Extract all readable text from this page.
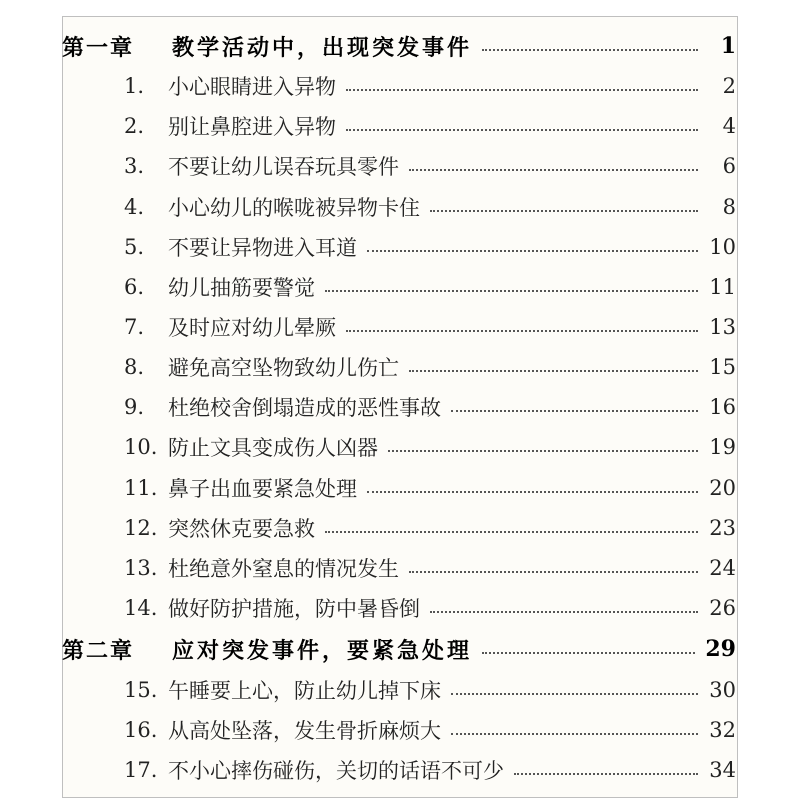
第一章	教学活动中，出现突发事件	1
1.	小心眼睛进入异物	2
2.	别让鼻腔进入异物	4
3.	不要让幼儿误吞玩具零件	6
4.	小心幼儿的喉咙被异物卡住	8
5.	不要让异物进入耳道	10
6.	幼儿抽筋要警觉	11
7.	及时应对幼儿晕厥	13
8.	避免高空坠物致幼儿伤亡	15
9.	杜绝校舍倒塌造成的恶性事故	16
10. 防止文具变成伤人凶器	19
11. 鼻子出血要紧急处理	20
12. 突然休克要急救	23
13. 杜绝意外窒息的情况发生	24
14. 做好防护措施，防中暑昏倒	26
第二章	应对突发事件，要紧急处理	29
15. 午睡要上心，防止幼儿掉下床	30
16. 从高处坠落，发生骨折麻烦大	32
17. 不小心摔伤碰伤，关切的话语不可少	34
